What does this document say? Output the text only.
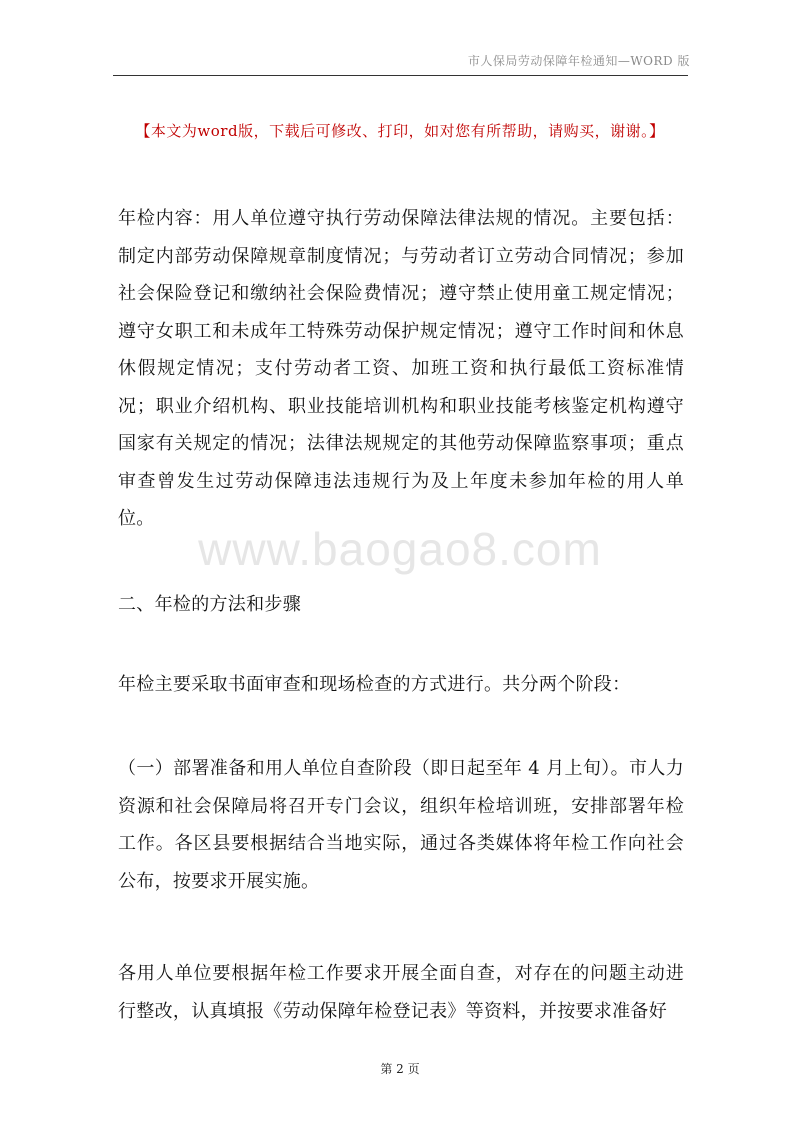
市人保局劳动保障年检通知—WORD 版
【本文为word版，下载后可修改、打印，如对您有所帮助，请购买，谢谢。】
年检内容：用人单位遵守执行劳动保障法律法规的情况。主要包括：制定内部劳动保障规章制度情况；与劳动者订立劳动合同情况；参加社会保险登记和缴纳社会保险费情况；遵守禁止使用童工规定情况；遵守女职工和未成年工特殊劳动保护规定情况；遵守工作时间和休息休假规定情况；支付劳动者工资、加班工资和执行最低工资标准情况；职业介绍机构、职业技能培训机构和职业技能考核鉴定机构遵守国家有关规定的情况；法律法规规定的其他劳动保障监察事项；重点审查曾发生过劳动保障违法违规行为及上年度未参加年检的用人单位。
www.baogao8.com
二、年检的方法和步骤
年检主要采取书面审查和现场检查的方式进行。共分两个阶段：
（一）部署准备和用人单位自查阶段（即日起至年 4 月上旬）。市人力资源和社会保障局将召开专门会议，组织年检培训班，安排部署年检工作。各区县要根据结合当地实际，通过各类媒体将年检工作向社会公布，按要求开展实施。
各用人单位要根据年检工作要求开展全面自查，对存在的问题主动进行整改，认真填报《劳动保障年检登记表》等资料，并按要求准备好
第 2 页
